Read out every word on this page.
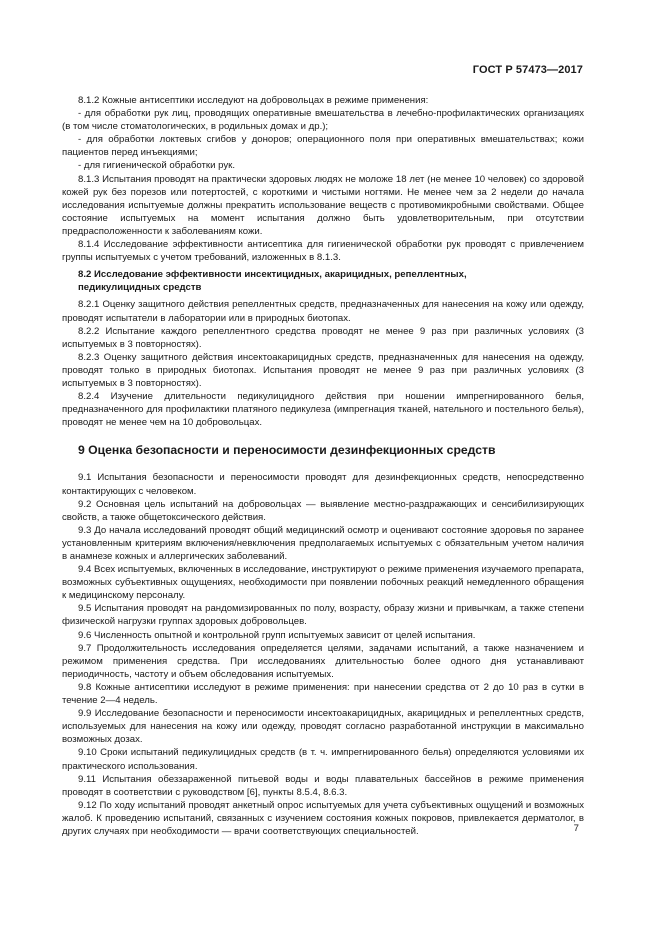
ГОСТ Р 57473—2017

8.1.2 Кожные антисептики исследуют на добровольцах в режиме применения:

- для обработки рук лиц, проводящих оперативные вмешательства в лечебно-профилактических организациях (в том числе стоматологических, в родильных домах и др.);

- для обработки локтевых сгибов у доноров; операционного поля при оперативных вмешательствах; кожи пациентов перед инъекциями;

- для гигиенической обработки рук.

8.1.3 Испытания проводят на практически здоровых людях не моложе 18 лет (не менее 10 человек) со здоровой кожей рук без порезов или потертостей, с короткими и чистыми ногтями. Не менее чем за 2 недели до начала исследования испытуемые должны прекратить использование веществ с противомикробными свойствами. Общее состояние испытуемых на момент испытания должно быть удовлетворительным, при отсутствии предрасположенности к заболеваниям кожи.

8.1.4 Исследование эффективности антисептика для гигиенической обработки рук проводят с привлечением группы испытуемых с учетом требований, изложенных в 8.1.3.

8.2 Исследование эффективности инсектицидных, акарицидных, репеллентных,
педикулицидных средств

8.2.1 Оценку защитного действия репеллентных средств, предназначенных для нанесения на кожу или одежду, проводят испытатели в лаборатории или в природных биотопах.

8.2.2 Испытание каждого репеллентного средства проводят не менее 9 раз при различных условиях (3 испытуемых в 3 повторностях).

8.2.3 Оценку защитного действия инсектоакарицидных средств, предназначенных для нанесения на одежду, проводят только в природных биотопах. Испытания проводят не менее 9 раз при различных условиях (3 испытуемых в 3 повторностях).

8.2.4 Изучение длительности педикулицидного действия при ношении импрегнированного белья, предназначенного для профилактики платяного педикулеза (импрегнация тканей, нательного и постельного белья), проводят не менее чем на 10 добровольцах.

9 Оценка безопасности и переносимости дезинфекционных средств

9.1 Испытания безопасности и переносимости проводят для дезинфекционных средств, непосредственно контактирующих с человеком.

9.2 Основная цель испытаний на добровольцах — выявление местно-раздражающих и сенсибилизирующих свойств, а также общетоксического действия.

9.3 До начала исследований проводят общий медицинский осмотр и оценивают состояние здоровья по заранее установленным критериям включения/невключения предполагаемых испытуемых с обязательным учетом наличия в анамнезе кожных и аллергических заболеваний.

9.4 Всех испытуемых, включенных в исследование, инструктируют о режиме применения изучаемого препарата, возможных субъективных ощущениях, необходимости при появлении побочных реакций немедленного обращения к медицинскому персоналу.

9.5 Испытания проводят на рандомизированных по полу, возрасту, образу жизни и привычкам, а также степени физической нагрузки группах здоровых добровольцев.

9.6 Численность опытной и контрольной групп испытуемых зависит от целей испытания.

9.7 Продолжительность исследования определяется целями, задачами испытаний, а также назначением и режимом применения средства. При исследованиях длительностью более одного дня устанавливают периодичность, частоту и объем обследования испытуемых.

9.8 Кожные антисептики исследуют в режиме применения: при нанесении средства от 2 до 10 раз в сутки в течение 2—4 недель.

9.9 Исследование безопасности и переносимости инсектоакарицидных, акарицидных и репеллентных средств, используемых для нанесения на кожу или одежду, проводят согласно разработанной инструкции в максимально возможных дозах.

9.10 Сроки испытаний педикулицидных средств (в т. ч. импрегнированного белья) определяются условиями их практического использования.

9.11 Испытания обеззараженной питьевой воды и воды плавательных бассейнов в режиме применения проводят в соответствии с руководством [6], пункты 8.5.4, 8.6.3.

9.12 По ходу испытаний проводят анкетный опрос испытуемых для учета субъективных ощущений и возможных жалоб. К проведению испытаний, связанных с изучением состояния кожных покровов, привлекается дерматолог, в других случаях при необходимости — врачи соответствующих специальностей.	7
